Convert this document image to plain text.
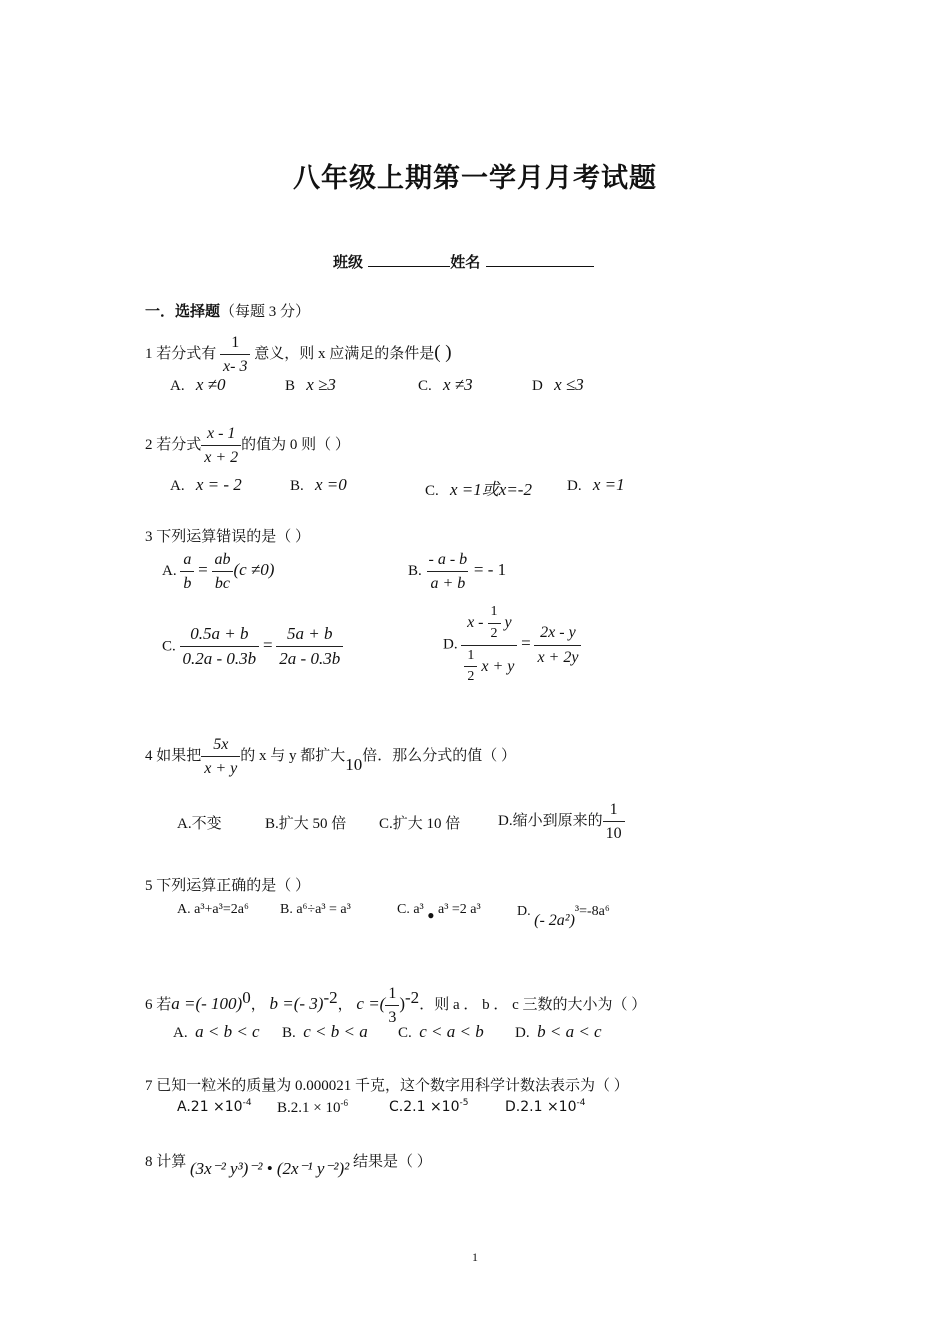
八年级上期第一学月月考试题
班级	姓名
一．选择题（每题 3 分）
1 若分式有 $\frac{1}{x- 3}$ 意义，则 x 应满足的条件是( )
A. x ≠0	B x ≥3	C. x ≠3	D x ≤3
2 若分式 $\frac{x - 1}{x + 2}$ 的值为 0 则（ ）
A. x = - 2	B. x =0	C. x =1或x=-2 D. x =1
3 下列运算错误的是（ ）
A. $\frac{a}{b} = \frac{ab}{bc} (c \ne 0)$	B. $\frac{- a - b}{a + b}$ = - 1
C. $\frac{0.5a + b}{0.2a - 0.3b} = \frac{5a + b}{2a - 0.3b}$	D. $\frac{x - \frac{1}{2} y}{\frac{1}{2} x + y} = \frac{2x - y}{x + 2y}$
4 如果把 $\frac{5x}{x + y}$ 的 x 与 y 都扩大10倍．那么分式的值（ ）
A.不变	B.扩大 50 倍 C.扩大 10 倍	D.缩小到原来的 $\frac{1}{10}$
5 下列运算正确的是（ ）
A. a³+a³=2a⁶ B. a⁶÷a³ = a³	C. a³ ● a³ =2 a³	D. (- 2a²)³=-8a⁶
6 若a =(- 100)$^0$， b =(- 3)$^{-2}$， c =( $\frac{1}{3} )^{-2}$．则 a ． b ． c 三数的大小为（ ）
A. a < b < c B. c < b < a C. c < a < b D. b < a < c
7 已知一粒米的质量为 0.000021 千克，这个数字用科学计数法表示为（ ）
$A.21 \times 10^{-4}$ $B.2.1 \times 10^{-6}$	$C.2.1 \times 10^{-5}$	$D.2.1 \times 10^{-4}$
8 计算 (3x⁻² y³)⁻² • (2x⁻¹ y⁻²)² 结果是（ ）
1
